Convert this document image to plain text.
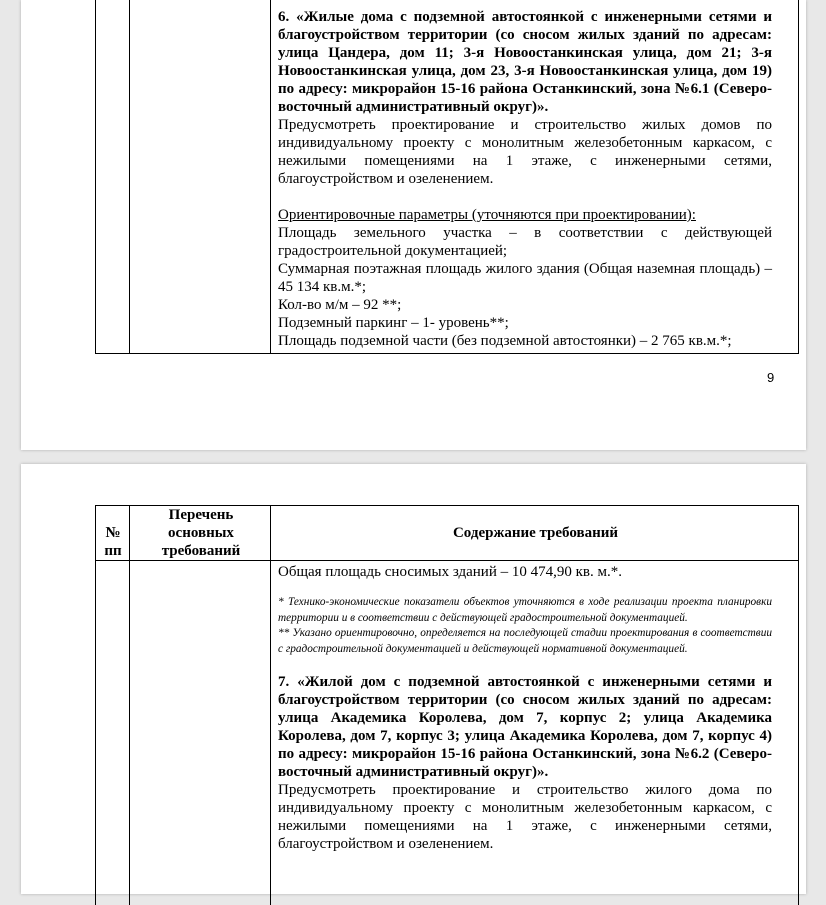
6. «Жилые дома с подземной автостоянкой с инженерными сетями и благоустройством территории (со сносом жилых зданий по адресам: улица Цандера, дом 11; 3-я Новоостанкинская улица, дом 21; 3-я Новоостанкинская улица, дом 23, 3-я Новоостанкинская улица, дом 19) по адресу: микрорайон 15-16 района Останкинский, зона №6.1 (Северо-восточный административный округ)».

Предусмотреть проектирование и строительство жилых домов по индивидуальному проекту с монолитным железобетонным каркасом, с нежилыми помещениями на 1 этаже, с инженерными сетями, благоустройством и озеленением.

Ориентировочные параметры (уточняются при проектировании):

Площадь земельного участка – в соответствии с действующей градостроительной документацией;

Суммарная поэтажная площадь жилого здания (Общая наземная площадь) – 45 134 кв.м.*;

Кол-во м/м – 92 **;

Подземный паркинг – 1- уровень**;

Площадь подземной части (без подземной автостоянки) – 2 765 кв.м.*;

9
№ пп
Перечень основных требований
Содержание требований

Общая площадь сносимых зданий – 10 474,90 кв. м.*.

* Технико-экономические показатели объектов уточняются в ходе реализации проекта планировки территории и в соответствии с действующей градостроительной документацией.

** Указано ориентировочно, определяется на последующей стадии проектирования в соответствии с градостроительной документацией и действующей нормативной документацией.

7. «Жилой дом с подземной автостоянкой с инженерными сетями и благоустройством территории (со сносом жилых зданий по адресам: улица Академика Королева, дом 7, корпус 2; улица Академика Королева, дом 7, корпус 3; улица Академика Королева, дом 7, корпус 4) по адресу: микрорайон 15-16 района Останкинский, зона №6.2 (Северо-восточный административный округ)».

Предусмотреть проектирование и строительство жилого дома по индивидуальному проекту с монолитным железобетонным каркасом, с нежилыми помещениями на 1 этаже, с инженерными сетями, благоустройством и озеленением.
